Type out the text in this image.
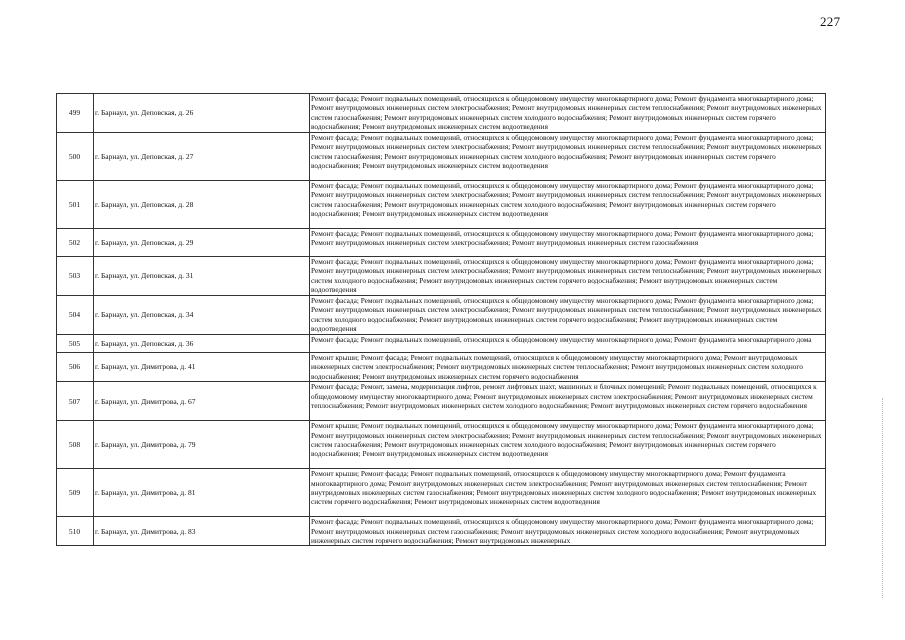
227
499	г. Барнаул, ул. Деповская, д. 26	Ремонт фасада; Ремонт подвальных помещений, относящихся к общедомовому имуществу многоквартирного дома; Ремонт фундамента многоквартирного дома; Ремонт внутридомовых инженерных систем электроснабжения; Ремонт внутридомовых инженерных систем теплоснабжения; Ремонт внутридомовых инженерных систем газоснабжения; Ремонт внутридомовых инженерных систем холодного водоснабжения; Ремонт внутридомовых инженерных систем горячего водоснабжения; Ремонт внутридомовых инженерных систем водоотведения
500	г. Барнаул, ул. Деповская, д. 27	Ремонт фасада; Ремонт подвальных помещений, относящихся к общедомовому имуществу многоквартирного дома; Ремонт фундамента многоквартирного дома; Ремонт внутридомовых инженерных систем электроснабжения; Ремонт внутридомовых инженерных систем теплоснабжения; Ремонт внутридомовых инженерных систем газоснабжения; Ремонт внутридомовых инженерных систем холодного водоснабжения; Ремонт внутридомовых инженерных систем горячего водоснабжения; Ремонт внутридомовых инженерных систем водоотведения
501	г. Барнаул, ул. Деповская, д. 28	Ремонт фасада; Ремонт подвальных помещений, относящихся к общедомовому имуществу многоквартирного дома; Ремонт фундамента многоквартирного дома; Ремонт внутридомовых инженерных систем электроснабжения; Ремонт внутридомовых инженерных систем теплоснабжения; Ремонт внутридомовых инженерных систем газоснабжения; Ремонт внутридомовых инженерных систем холодного водоснабжения; Ремонт внутридомовых инженерных систем горячего водоснабжения; Ремонт внутридомовых инженерных систем водоотведения
502	г. Барнаул, ул. Деповская, д. 29	Ремонт фасада; Ремонт подвальных помещений, относящихся к общедомовому имуществу многоквартирного дома; Ремонт фундамента многоквартирного дома; Ремонт внутридомовых инженерных систем электроснабжения; Ремонт внутридомовых инженерных систем газоснабжения
503	г. Барнаул, ул. Деповская, д. 31	Ремонт фасада; Ремонт подвальных помещений, относящихся к общедомовому имуществу многоквартирного дома; Ремонт фундамента многоквартирного дома; Ремонт внутридомовых инженерных систем электроснабжения; Ремонт внутридомовых инженерных систем теплоснабжения; Ремонт внутридомовых инженерных систем холодного водоснабжения; Ремонт внутридомовых инженерных систем горячего водоснабжения; Ремонт внутридомовых инженерных систем водоотведения
504	г. Барнаул, ул. Деповская, д. 34	Ремонт фасада; Ремонт подвальных помещений, относящихся к общедомовому имуществу многоквартирного дома; Ремонт фундамента многоквартирного дома; Ремонт внутридомовых инженерных систем электроснабжения; Ремонт внутридомовых инженерных систем теплоснабжения; Ремонт внутридомовых инженерных систем холодного водоснабжения; Ремонт внутридомовых инженерных систем горячего водоснабжения; Ремонт внутридомовых инженерных систем водоотведения
505	г. Барнаул, ул. Деповская, д. 36	Ремонт фасада; Ремонт подвальных помещений, относящихся к общедомовому имуществу многоквартирного дома; Ремонт фундамента многоквартирного дома
506	г. Барнаул, ул. Димитрова, д. 41	Ремонт крыши; Ремонт фасада; Ремонт подвальных помещений, относящихся к общедомовому имуществу многоквартирного дома; Ремонт внутридомовых инженерных систем электроснабжения; Ремонт внутридомовых инженерных систем теплоснабжения; Ремонт внутридомовых инженерных систем холодного водоснабжения; Ремонт внутридомовых инженерных систем горячего водоснабжения
507	г. Барнаул, ул. Димитрова, д. 67	Ремонт фасада; Ремонт, замена, модернизация лифтов, ремонт лифтовых шахт, машинных и блочных помещений; Ремонт подвальных помещений, относящихся к общедомовому имуществу многоквартирного дома; Ремонт внутридомовых инженерных систем электроснабжения; Ремонт внутридомовых инженерных систем теплоснабжения; Ремонт внутридомовых инженерных систем холодного водоснабжения; Ремонт внутридомовых инженерных систем горячего водоснабжения
508	г. Барнаул, ул. Димитрова, д. 79	Ремонт крыши; Ремонт подвальных помещений, относящихся к общедомовому имуществу многоквартирного дома; Ремонт фундамента многоквартирного дома; Ремонт внутридомовых инженерных систем электроснабжения; Ремонт внутридомовых инженерных систем теплоснабжения; Ремонт внутридомовых инженерных систем газоснабжения; Ремонт внутридомовых инженерных систем холодного водоснабжения; Ремонт внутридомовых инженерных систем горячего водоснабжения; Ремонт внутридомовых инженерных систем водоотведения
509	г. Барнаул, ул. Димитрова, д. 81	Ремонт крыши; Ремонт фасада; Ремонт подвальных помещений, относящихся к общедомовому имуществу многоквартирного дома; Ремонт фундамента многоквартирного дома; Ремонт внутридомовых инженерных систем электроснабжения; Ремонт внутридомовых инженерных систем теплоснабжения; Ремонт внутридомовых инженерных систем газоснабжения; Ремонт внутридомовых инженерных систем холодного водоснабжения; Ремонт внутридомовых инженерных систем горячего водоснабжения; Ремонт внутридомовых инженерных систем водоотведения
510	г. Барнаул, ул. Димитрова, д. 83	Ремонт фасада; Ремонт подвальных помещений, относящихся к общедомовому имуществу многоквартирного дома; Ремонт фундамента многоквартирного дома; Ремонт внутридомовых инженерных систем газоснабжения; Ремонт внутридомовых инженерных систем холодного водоснабжения; Ремонт внутридомовых инженерных систем горячего водоснабжения; Ремонт внутридомовых инженерных
